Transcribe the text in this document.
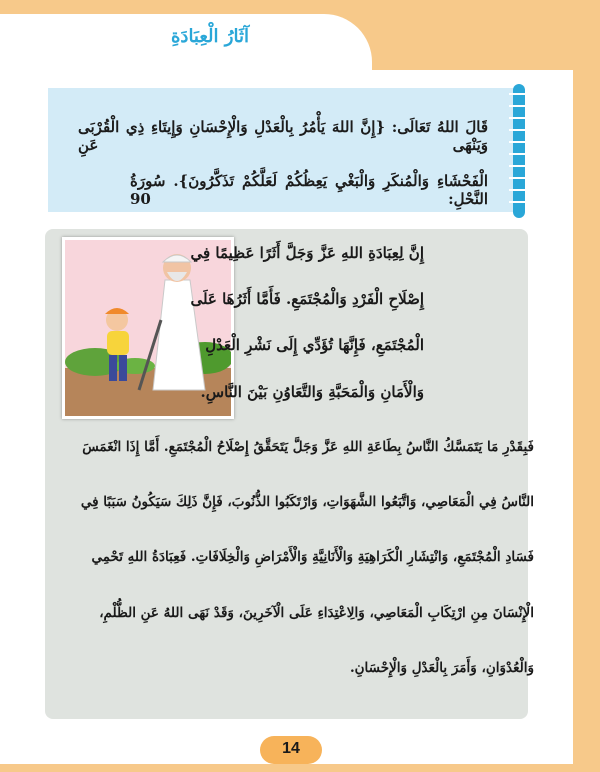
آثَارُ الْعِبَادَةِ
قَالَ اللهُ تَعَالَى: {إِنَّ اللهَ يَأْمُرُ بِالْعَدْلِ وَالْإِحْسَانِ وَإِيتَاءِ ذِي الْقُرْبَى وَيَنْهَى عَنِ
الْفَحْشَاءِ وَالْمُنكَرِ وَالْبَغْيِ يَعِظُكُمْ لَعَلَّكُمْ تَذَكَّرُونَ}. سُورَةُ النَّحْلِ: 90
إِنَّ لِعِبَادَةِ اللهِ عَزَّ وَجَلَّ أَثَرًا عَظِيمًا فِي
إِصْلَاحِ الْفَرْدِ وَالْمُجْتَمَعِ. فَأَمَّا أَثَرُهَا عَلَى
الْمُجْتَمَعِ، فَإِنَّهَا تُؤَدِّي إِلَى نَشْرِ الْعَدْلِ
وَالْأَمَانِ وَالْمَحَبَّةِ وَالتَّعَاوُنِ بَيْنَ النَّاسِ.
فَبِقَدْرِ مَا يَتَمَسَّكُ النَّاسُ بِطَاعَةِ اللهِ عَزَّ وَجَلَّ يَتَحَقَّقُ إِصْلَاحُ الْمُجْتَمَعِ. أَمَّا إِذَا انْغَمَسَ
النَّاسُ فِي الْمَعَاصِي، وَاتَّبَعُوا الشَّهَوَاتِ، وَارْتَكَبُوا الذُّنُوبَ، فَإِنَّ ذَلِكَ سَيَكُونُ سَبَبًا فِي
فَسَادِ الْمُجْتَمَعِ، وَانْتِشَارِ الْكَرَاهِيَةِ وَالْأَنَانِيَّةِ وَالْأَمْرَاضِ وَالْخِلَافَاتِ. فَعِبَادَةُ اللهِ تَحْمِي
الْإِنْسَانَ مِنِ ارْتِكَابِ الْمَعَاصِي، وَالِاعْتِدَاءِ عَلَى الْآخَرِينَ، وَقَدْ نَهَى اللهُ عَنِ الظُّلْمِ،
وَالْعُدْوَانِ، وَأَمَرَ بِالْعَدْلِ وَالْإِحْسَانِ.
14
